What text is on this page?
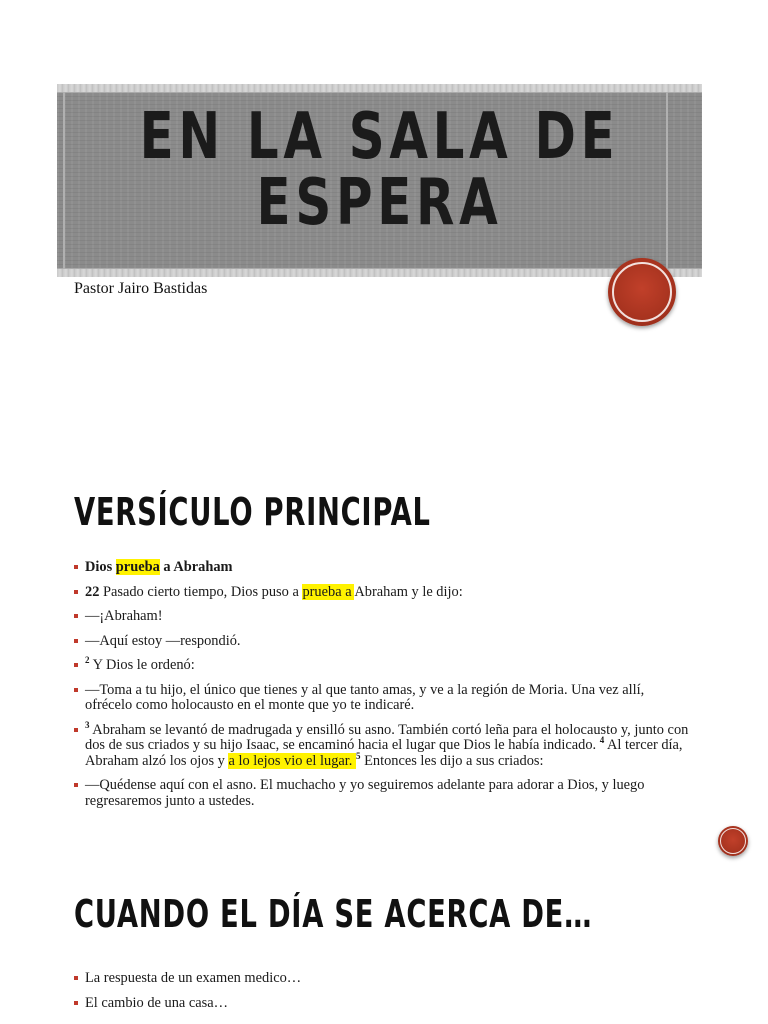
EN LA SALA DE
ESPERA
Pastor Jairo Bastidas
VERSÍCULO PRINCIPAL
Dios prueba a Abraham
22 Pasado cierto tiempo, Dios puso a prueba a Abraham y le dijo:
—¡Abraham!
—Aquí estoy —respondió.
$^2$ Y Dios le ordenó:
—Toma a tu hijo, el único que tienes y al que tanto amas, y ve a la región de Moria. Una vez allí, ofrécelo como holocausto en el monte que yo te indicaré.
$^3$ Abraham se levantó de madrugada y ensilló su asno. También cortó leña para el holocausto y, junto con dos de sus criados y su hijo Isaac, se encaminó hacia el lugar que Dios le había indicado. $^4$ Al tercer día, Abraham alzó los ojos y a lo lejos vio el lugar. $^5$ Entonces les dijo a sus criados:
—Quédense aquí con el asno. El muchacho y yo seguiremos adelante para adorar a Dios, y luego regresaremos junto a ustedes.
CUANDO EL DÍA SE ACERCA DE…
La respuesta de un examen medico…
El cambio de una casa…
